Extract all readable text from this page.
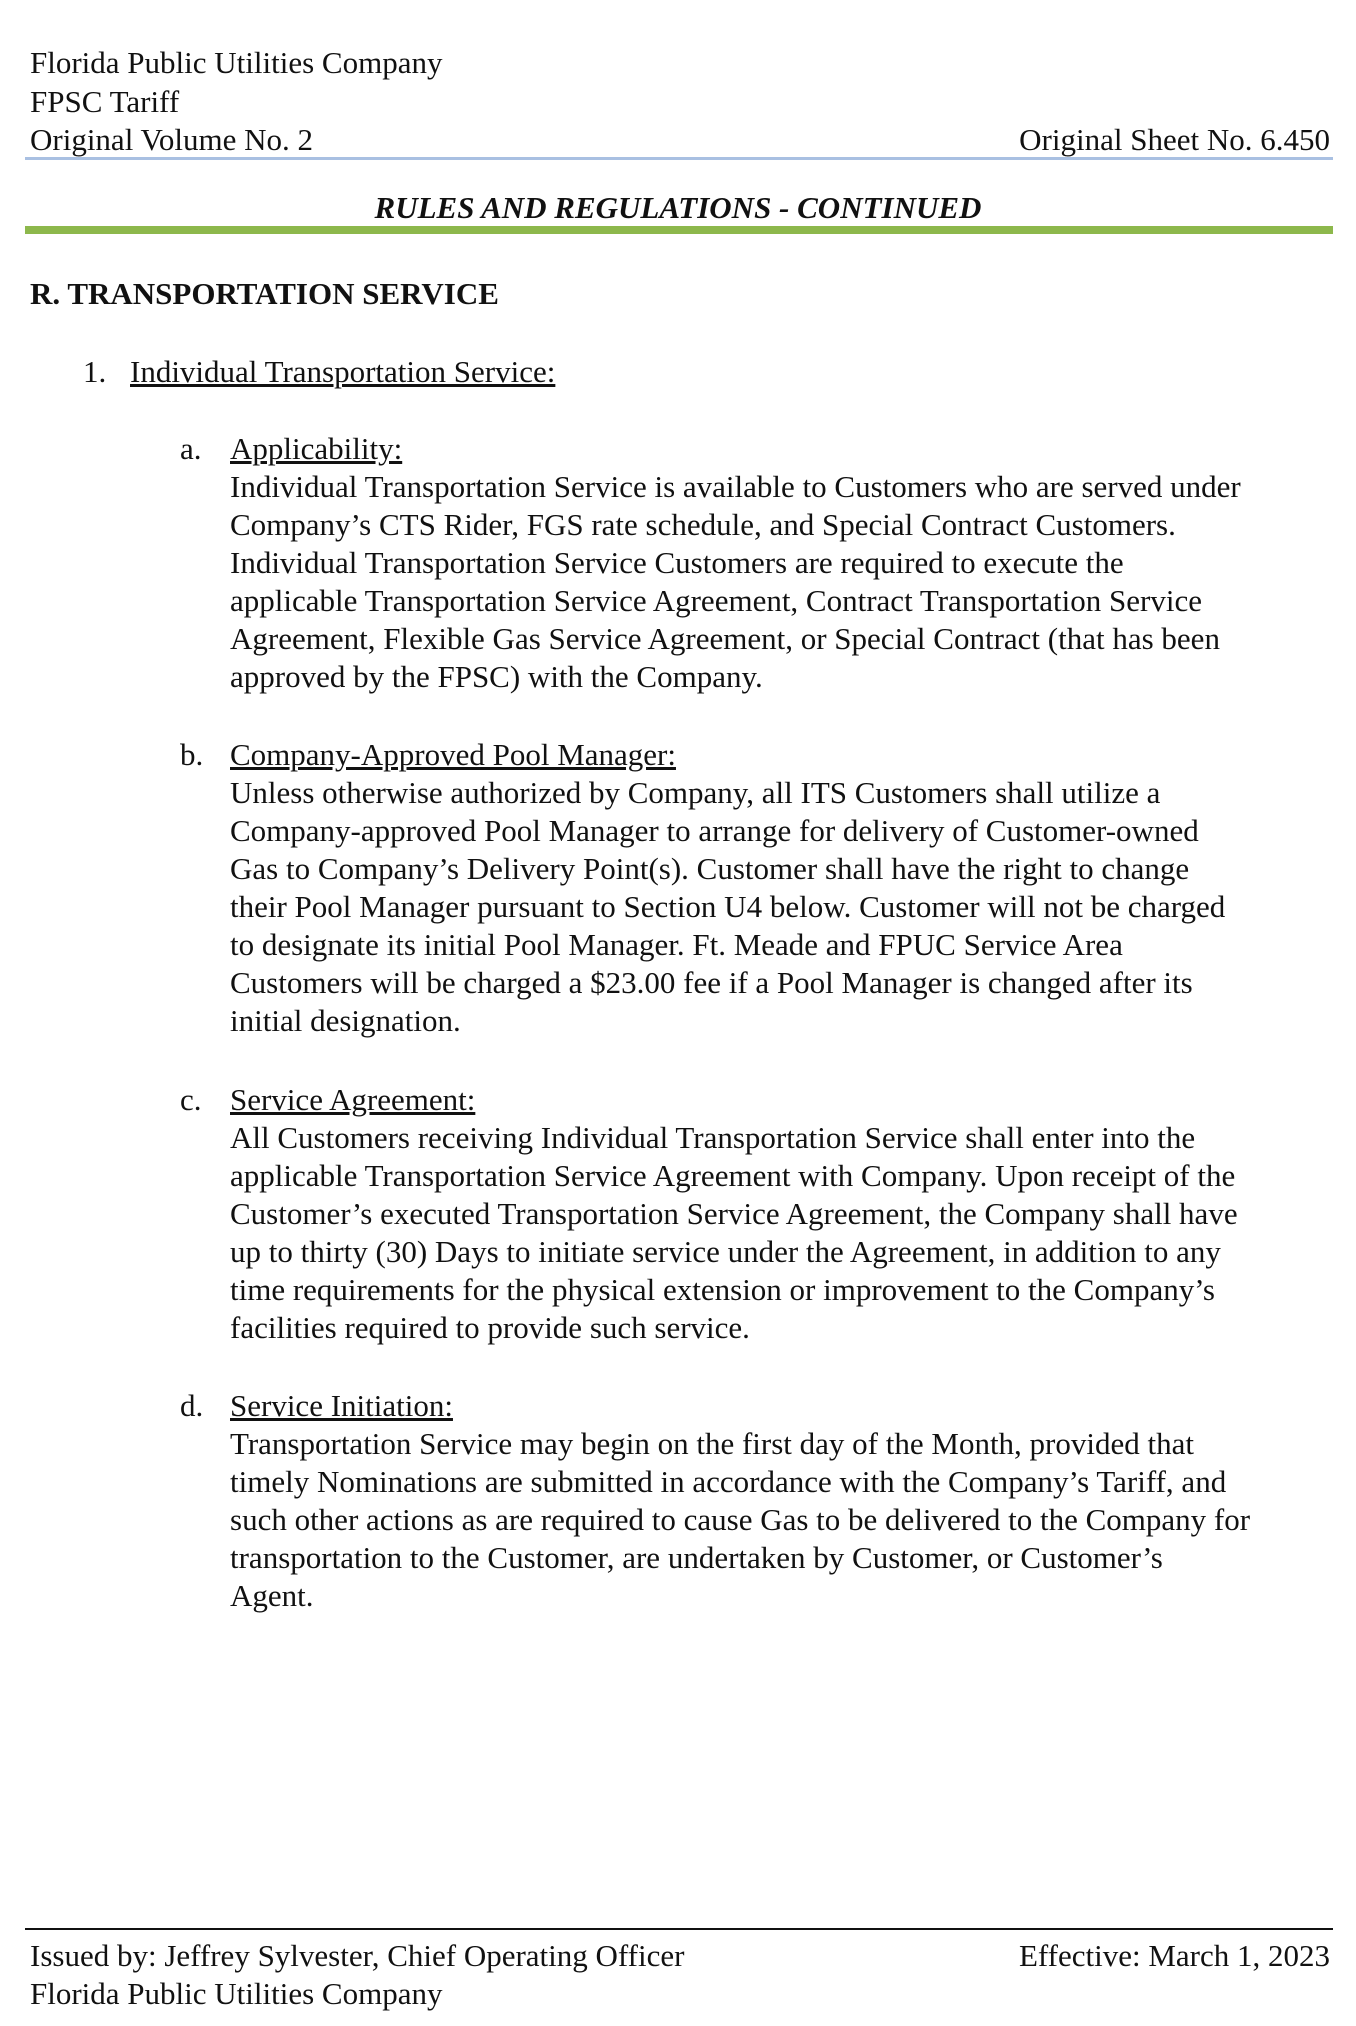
Florida Public Utilities Company
FPSC Tariff
Original Volume No. 2	Original Sheet No. 6.450
RULES AND REGULATIONS - CONTINUED
R. TRANSPORTATION SERVICE
1. Individual Transportation Service:
a. Applicability:
Individual Transportation Service is available to Customers who are served under
Company’s CTS Rider, FGS rate schedule, and Special Contract Customers.
Individual Transportation Service Customers are required to execute the
applicable Transportation Service Agreement, Contract Transportation Service
Agreement, Flexible Gas Service Agreement, or Special Contract (that has been
approved by the FPSC) with the Company.
b. Company-Approved Pool Manager:
Unless otherwise authorized by Company, all ITS Customers shall utilize a
Company-approved Pool Manager to arrange for delivery of Customer-owned
Gas to Company’s Delivery Point(s). Customer shall have the right to change
their Pool Manager pursuant to Section U4 below. Customer will not be charged
to designate its initial Pool Manager. Ft. Meade and FPUC Service Area
Customers will be charged a $23.00 fee if a Pool Manager is changed after its
initial designation.
c. Service Agreement:
All Customers receiving Individual Transportation Service shall enter into the
applicable Transportation Service Agreement with Company. Upon receipt of the
Customer’s executed Transportation Service Agreement, the Company shall have
up to thirty (30) Days to initiate service under the Agreement, in addition to any
time requirements for the physical extension or improvement to the Company’s
facilities required to provide such service.
d. Service Initiation:
Transportation Service may begin on the first day of the Month, provided that
timely Nominations are submitted in accordance with the Company’s Tariff, and
such other actions as are required to cause Gas to be delivered to the Company for
transportation to the Customer, are undertaken by Customer, or Customer’s
Agent.
Issued by: Jeffrey Sylvester, Chief Operating Officer	Effective: March 1, 2023
Florida Public Utilities Company
